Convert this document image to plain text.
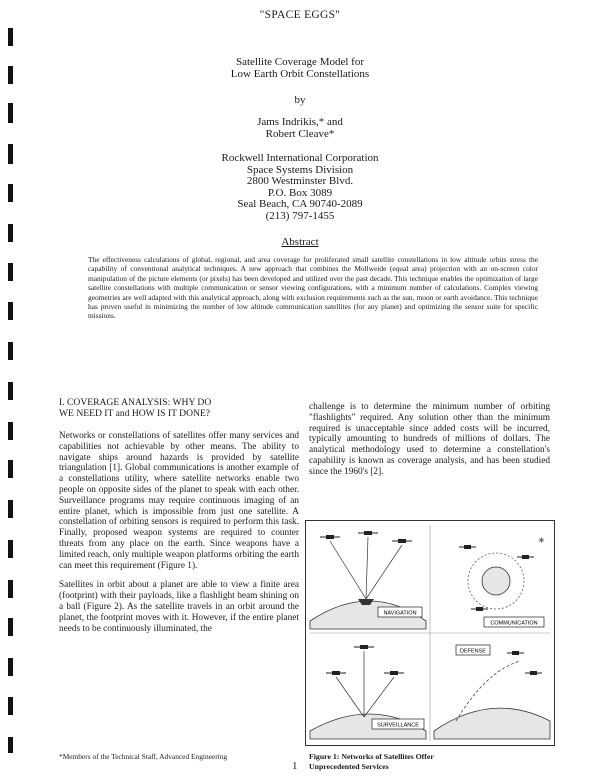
"SPACE EGGS"
Satellite Coverage Model for
Low Earth Orbit Constellations
by
Jams Indrikis,* and
Robert Cleave*
Rockwell International Corporation
Space Systems Division
2800 Westminster Blvd.
P.O. Box 3089
Seal Beach, CA 90740-2089
(213) 797-1455
Abstract
The effectiveness calculations of global, regional, and area coverage for proliferated small satellite constellations in low altitude orbits stress the capability of conventional analytical techniques. A new approach that combines the Mollweide (equal area) projection with an on-screen color manipulation of the picture elements (or pixels) has been developed and utilized over the past decade. This technique enables the optimization of large satellite constellations with multiple communication or sensor viewing configurations, with a minimum number of calculations. Complex viewing geometries are well adapted with this analytical approach, along with exclusion requirements such as the sun, moon or earth avoidance. This technique has proven useful in minimizing the number of low altitude communication satellites (for any planet) and optimizing the sensor suite for specific missions.
I. COVERAGE ANALYSIS: WHY DO
WE NEED IT and HOW IS IT DONE?

Networks or constellations of satellites offer many services and capabilities not achievable by other means. The ability to navigate ships around hazards is provided by satellite triangulation [1]. Global communications is another example of a constellations utility, where satellite networks enable two people on opposite sides of the planet to speak with each other. Surveillance programs may require continuous imaging of an entire planet, which is impossible from just one satellite. A constellation of orbiting sensors is required to perform this task. Finally, proposed weapon systems are required to counter threats from any place on the earth. Since weapons have a limited reach, only multiple weapon platforms orbiting the earth can meet this requirement (Figure 1).

Satellites in orbit about a planet are able to view a finite area (footprint) with their payloads, like a flashlight beam shining on a ball (Figure 2). As the satellite travels in an orbit around the planet, the footprint moves with it. However, if the entire planet needs to be continuously illuminated, the

challenge is to determine the minimum number of orbiting "flashlights" required. Any solution other than the minimum required is unacceptable since added costs will be incurred, typically amounting to hundreds of millions of dollars. The analytical methodology used to determine a constellation's capability is known as coverage analysis, and has been studied since the 1960's [2].

NAVIGATION
✳
COMMUNICATION
SURVEILLANCE
DEFENSE
Figure 1: Networks of Satellites Offer
Unprecedented Services
*Members of the Technical Staff, Advanced Engineering
1
